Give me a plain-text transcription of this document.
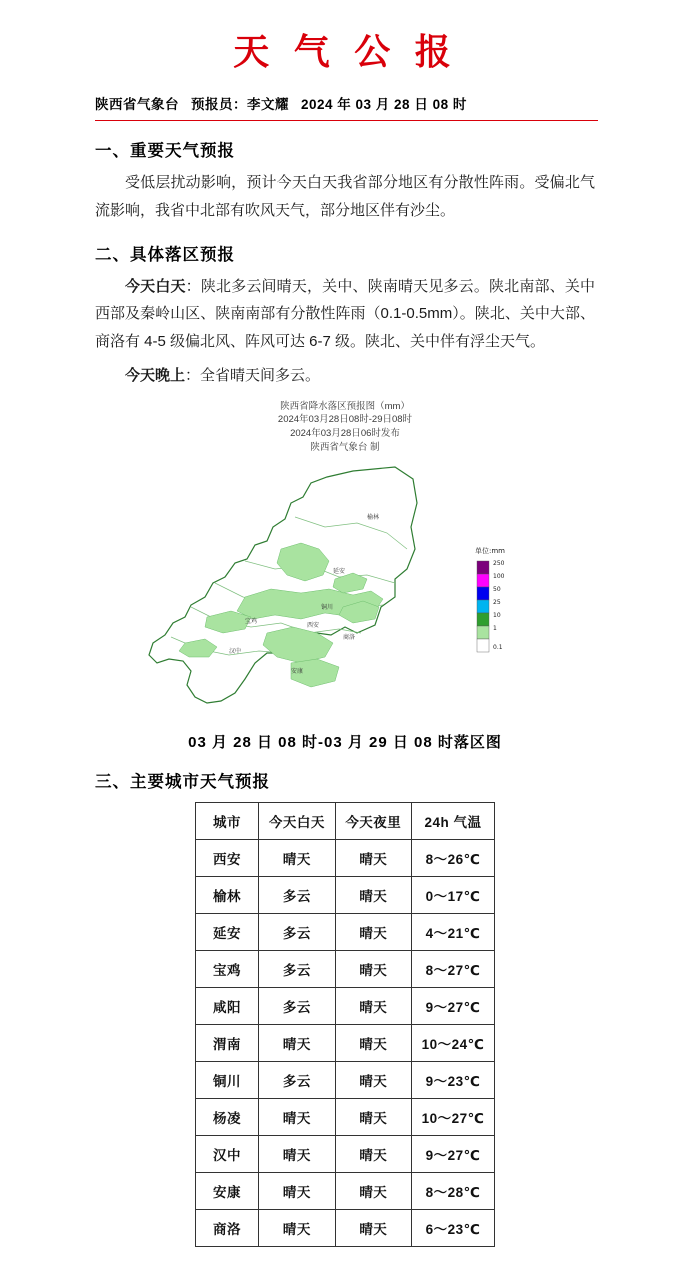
天 气 公 报
陕西省气象台 预报员：李文耀 2024 年 03 月 28 日 08 时
一、重要天气预报

受低层扰动影响，预计今天白天我省部分地区有分散性阵雨。受偏北气流影响，我省中北部有吹风天气，部分地区伴有沙尘。

二、具体落区预报

今天白天：陕北多云间晴天，关中、陕南晴天见多云。陕北南部、关中西部及秦岭山区、陕南南部有分散性阵雨（0.1-0.5mm）。陕北、关中大部、商洛有 4-5 级偏北风、阵风可达 6-7 级。陕北、关中伴有浮尘天气。

今天晚上：全省晴天间多云。

陕西省降水落区预报图（mm）
2024年03月28日08时-29日08时
2024年03月28日06时发布
陕西省气象台 制
榆林
延安
铜川
宝鸡
西安
商洛
汉中
安康
单位:mm
250
100
50
25
10
1
0.1
03 月 28 日 08 时-03 月 29 日 08 时落区图
三、主要城市天气预报
城市	今天白天	今天夜里	24h 气温
西安	晴天	晴天	8～26℃
榆林	多云	晴天	0～17℃
延安	多云	晴天	4～21℃
宝鸡	多云	晴天	8～27℃
咸阳	多云	晴天	9～27℃
渭南	晴天	晴天	10～24℃
铜川	多云	晴天	9～23℃
杨凌	晴天	晴天	10～27℃
汉中	晴天	晴天	9～27℃
安康	晴天	晴天	8～28℃
商洛	晴天	晴天	6～23℃
